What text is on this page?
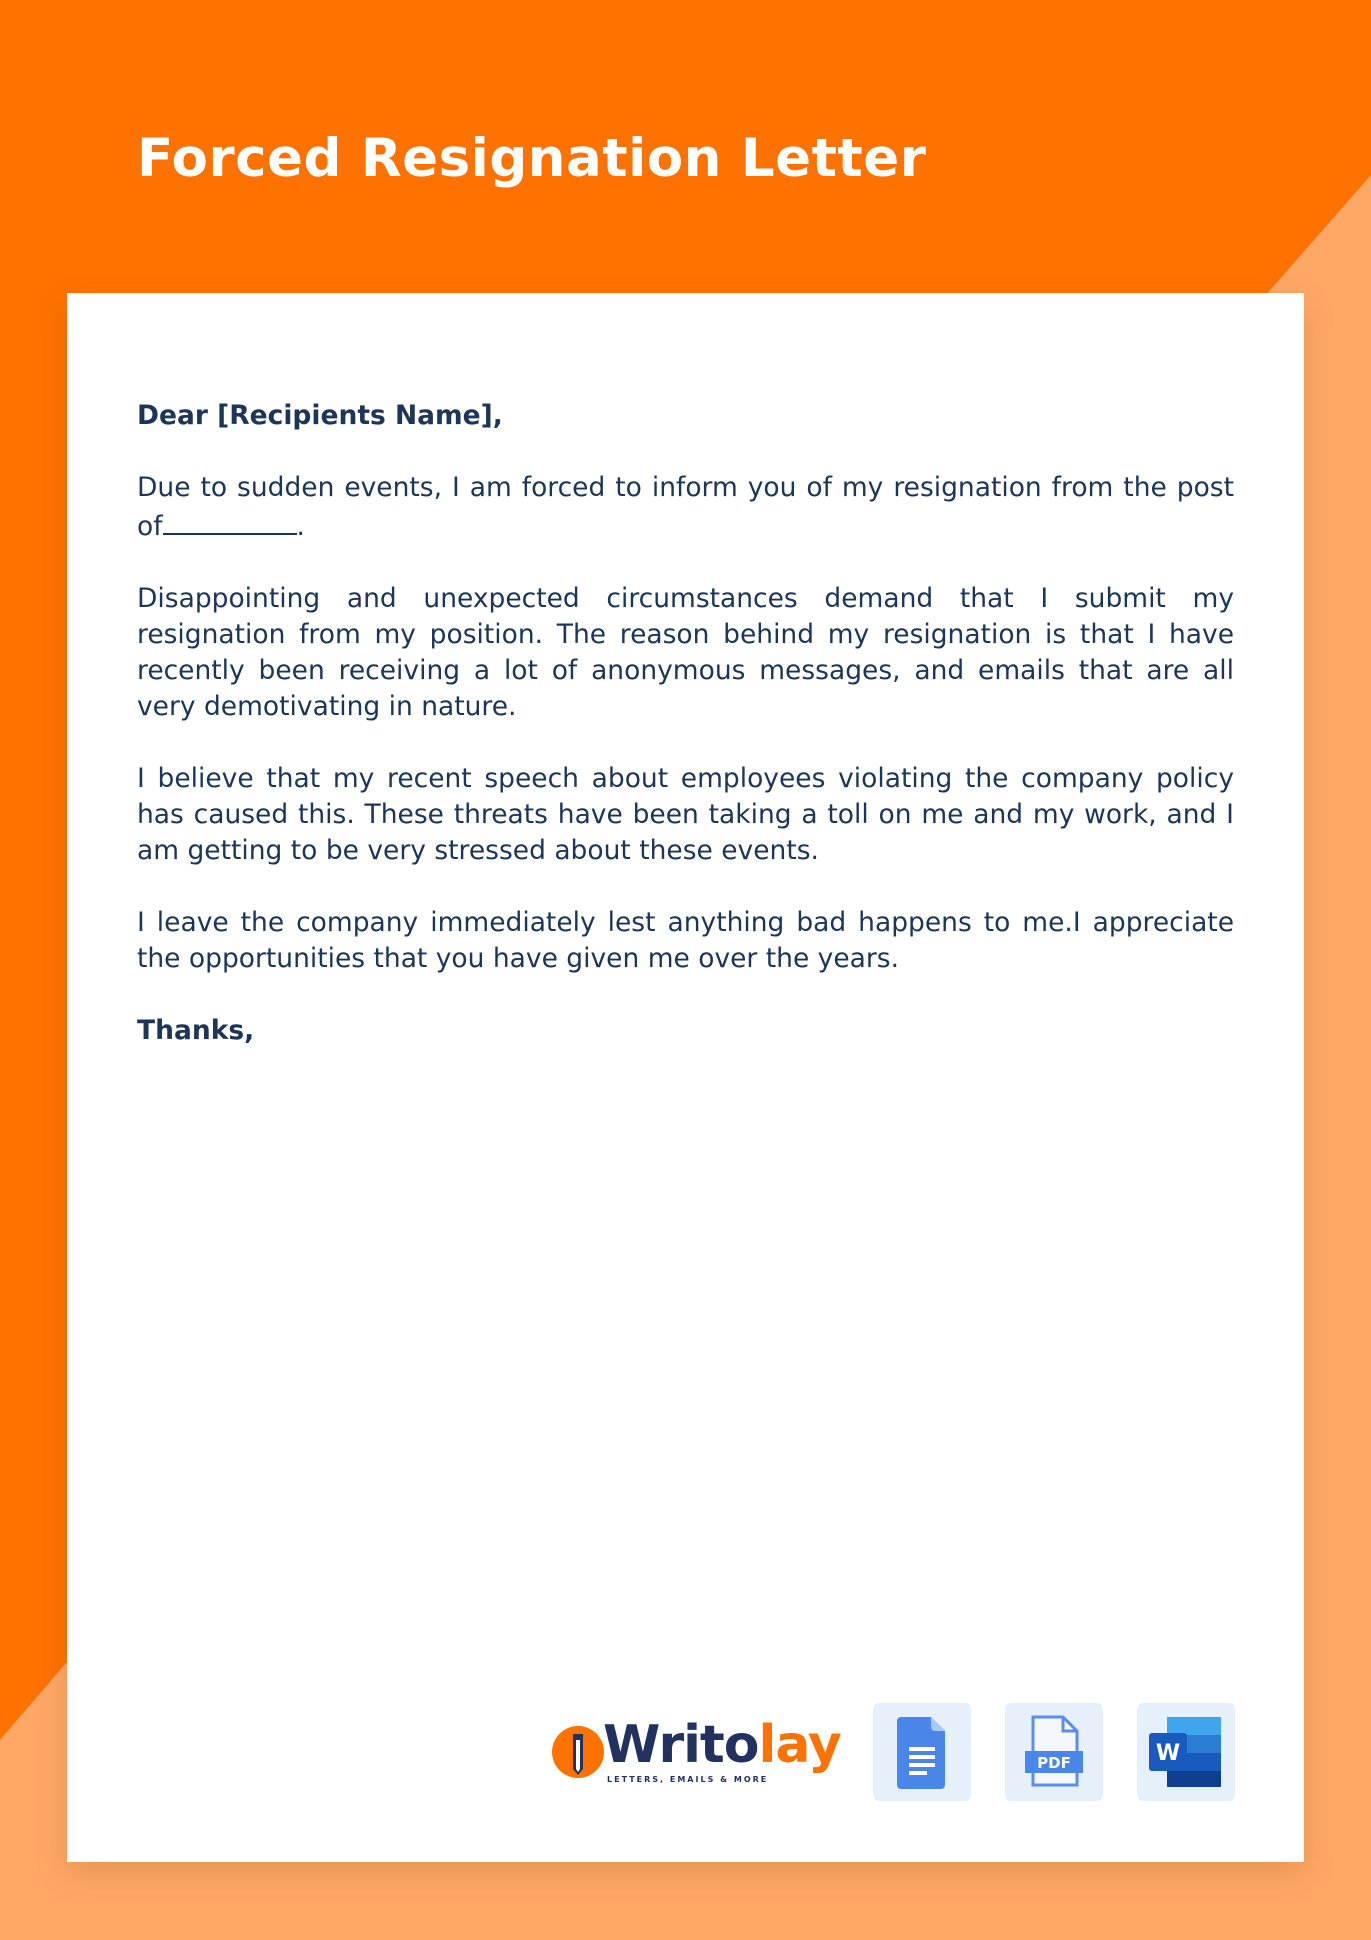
Forced Resignation Letter

Dear [Recipients Name],

Due to sudden events, I am forced to inform you of my resignation from the post of	.

Disappointing and unexpected circumstances demand that I submit my resignation from my position. The reason behind my resignation is that I have recently been receiving a lot of anonymous messages, and emails that are all very demotivating in nature.

I believe that my recent speech about employees violating the company policy has caused this. These threats have been taking a toll on me and my work, and I am getting to be very stressed about these events.

I leave the company immediately lest anything bad happens to me.I appreciate the opportunities that you have given me over the years.

Thanks,

Writolay
LETTERS, EMAILS & MORE
PDF	W
